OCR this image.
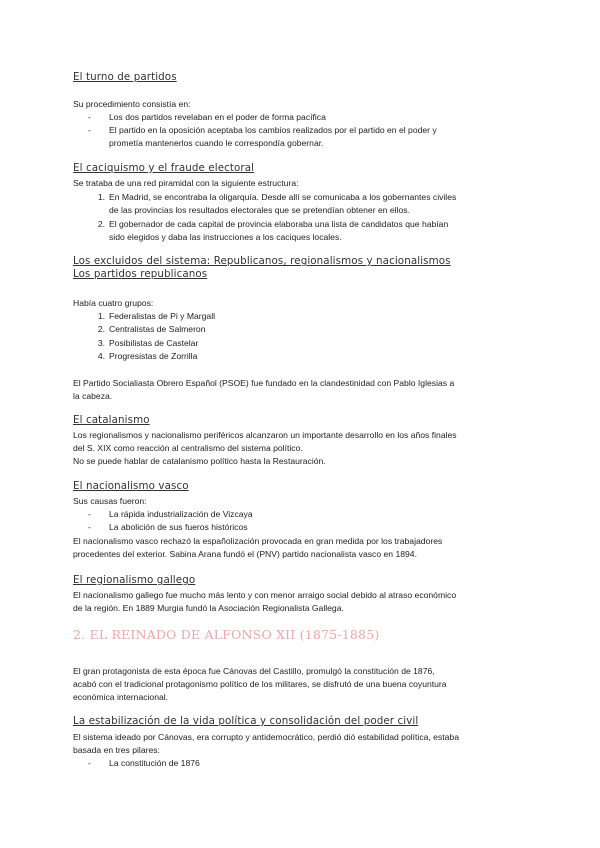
El turno de partidos
Su procedimiento consistía en:
-	Los dos partidos revelaban en el poder de forma pacífica
-	El partido en la oposición aceptaba los cambios realizados por el partido en el poder y
prometía mantenerlos cuando le correspondía gobernar.
El caciquismo y el fraude electoral
Se trataba de una red piramidal con la siguiente estructura:
1. En Madrid, se encontraba la oligarquía. Desde allí se comunicaba a los gobernantes civiles
de las provincias los resultados electorales que se pretendían obtener en ellos.
2. El gobernador de cada capital de provincia elaboraba una lista de candidatos que habían
sido elegidos y daba las instrucciones a los caciques locales.
Los excluidos del sistema: Republicanos, regionalismos y nacionalismos
Los partidos republicanos
Había cuatro grupos:
1. Federalistas de Pi y Margall
2. Centralistas de Salmeron
3. Posibilistas de Castelar
4. Progresistas de Zorrilla
El Partido Socialiasta Obrero Español (PSOE) fue fundado en la clandestinidad con Pablo Iglesias a
la cabeza.
El catalanismo
Los regionalismos y nacionalismo periféricos alcanzaron un importante desarrollo en los años finales
del S. XIX como reacción al centralismo del sistema político.
No se puede hablar de catalanismo político hasta la Restauración.
El nacionalismo vasco
Sus causas fueron:
-	La rápida industrialización de Vizcaya
-	La abolición de sus fueros históricos
El nacionalismo vasco rechazó la españolización provocada en gran medida por los trabajadores
procedentes del exterior. Sabina Arana fundó el (PNV) partido nacionalista vasco en 1894.
El regionalismo gallego
El nacionalismo gallego fue mucho más lento y con menor arraigo social debido al atraso económico
de la región. En 1889 Murgia fundó la Asociación Regionalista Gallega.
2. EL REINADO DE ALFONSO XII (1875-1885)
El gran protagonista de esta época fue Cánovas del Castillo, promulgó la constitución de 1876,
acabó con el tradicional protagonismo político de los militares, se disfrutó de una buena coyuntura
económica internacional.
La estabilización de la vida política y consolidación del poder civil
El sistema ideado por Cánovas, era corrupto y antidemocrático, perdió dió estabilidad política, estaba
basada en tres pilares:
-	La constitución de 1876
